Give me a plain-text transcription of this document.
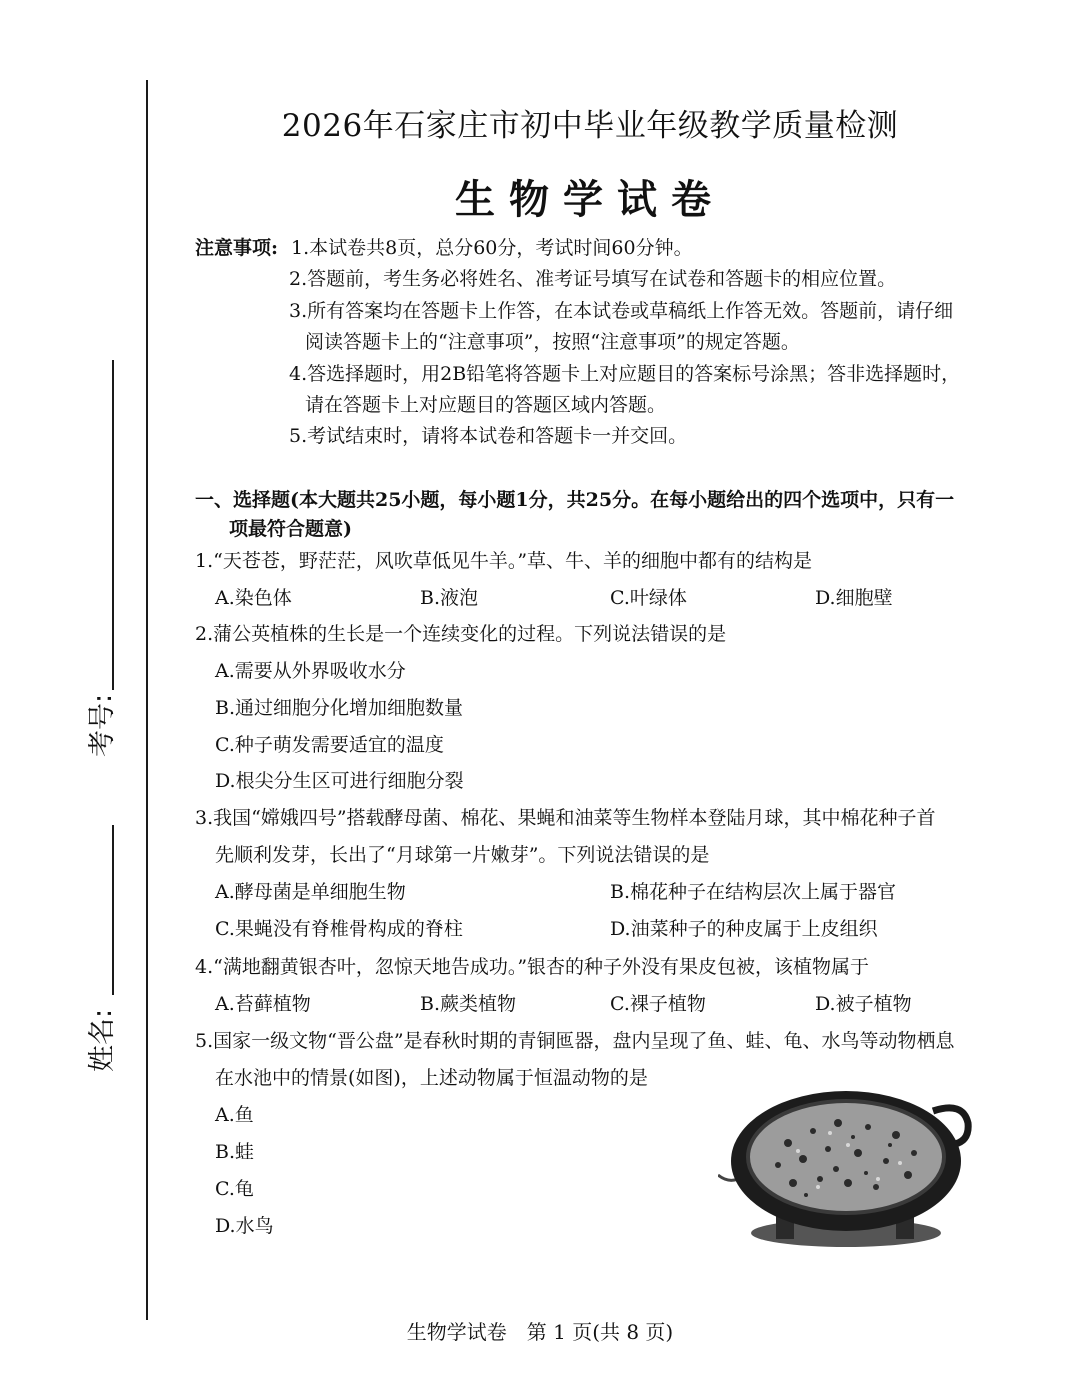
考号:
姓名:
2026年石家庄市初中毕业年级教学质量检测
生物学试卷
注意事项: 1.本试卷共8页，总分60分，考试时间60分钟。
2.答题前，考生务必将姓名、准考证号填写在试卷和答题卡的相应位置。
3.所有答案均在答题卡上作答，在本试卷或草稿纸上作答无效。答题前，请仔细
阅读答题卡上的“注意事项”，按照“注意事项”的规定答题。
4.答选择题时，用2B铅笔将答题卡上对应题目的答案标号涂黑；答非选择题时，
请在答题卡上对应题目的答题区域内答题。
5.考试结束时，请将本试卷和答题卡一并交回。
一、选择题(本大题共25小题，每小题1分，共25分。在每小题给出的四个选项中，只有一
项最符合题意)
1.“天苍苍，野茫茫，风吹草低见牛羊。”草、牛、羊的细胞中都有的结构是
A.染色体	B.液泡	C.叶绿体	D.细胞壁
2.蒲公英植株的生长是一个连续变化的过程。下列说法错误的是
A.需要从外界吸收水分
B.通过细胞分化增加细胞数量
C.种子萌发需要适宜的温度
D.根尖分生区可进行细胞分裂
3.我国“嫦娥四号”搭载酵母菌、棉花、果蝇和油菜等生物样本登陆月球，其中棉花种子首
先顺利发芽，长出了“月球第一片嫩芽”。下列说法错误的是
A.酵母菌是单细胞生物	B.棉花种子在结构层次上属于器官
C.果蝇没有脊椎骨构成的脊柱	D.油菜种子的种皮属于上皮组织
4.“满地翻黄银杏叶，忽惊天地告成功。”银杏的种子外没有果皮包被，该植物属于
A.苔藓植物	B.蕨类植物	C.裸子植物	D.被子植物
5.国家一级文物“晋公盘”是春秋时期的青铜匜器，盘内呈现了鱼、蛙、龟、水鸟等动物栖息
在水池中的情景(如图)，上述动物属于恒温动物的是
A.鱼
B.蛙
C.龟
D.水鸟
生物学试卷　第 1 页(共 8 页)
